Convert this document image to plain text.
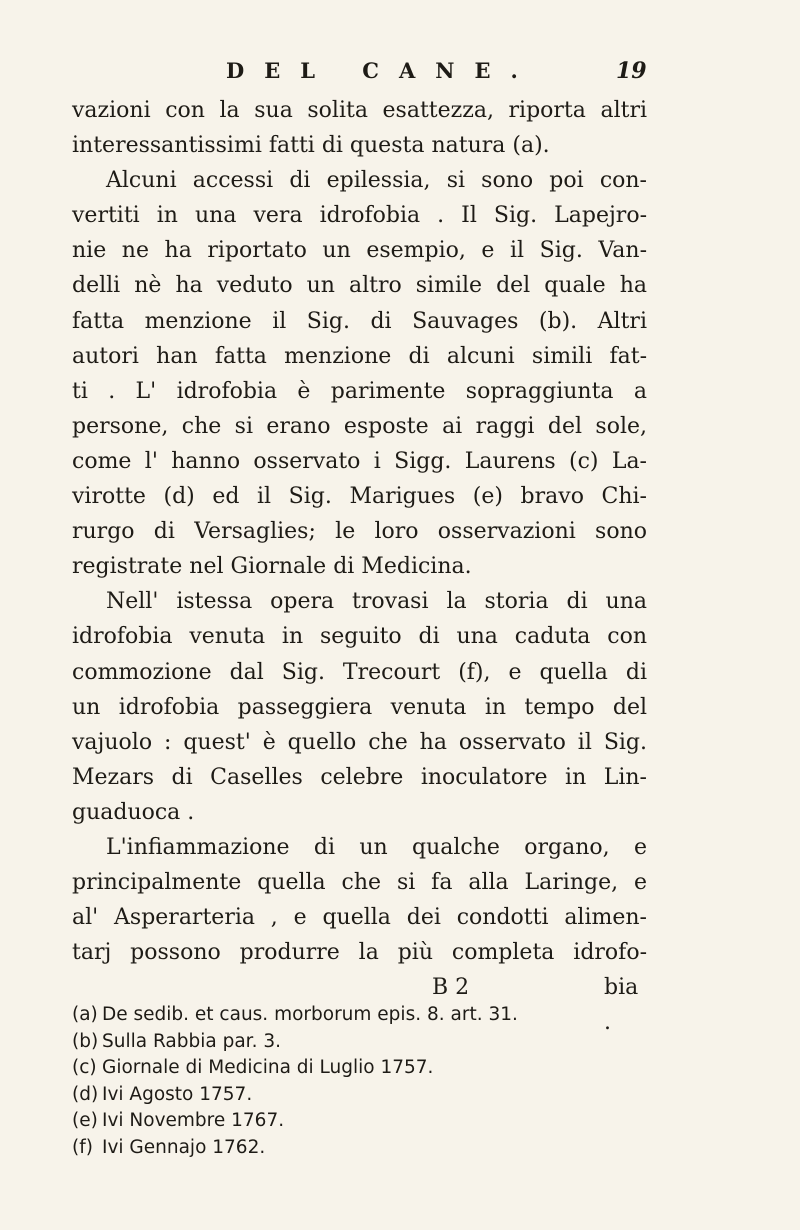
DEL CANE.	19
vazioni con la sua solita esattezza, riporta altri
interessantissimi fatti di questa natura (a).
Alcuni accessi di epilessia, si sono poi con-
vertiti in una vera idrofobia . Il Sig. Lapejro-
nie ne ha riportato un esempio, e il Sig. Van-
delli nè ha veduto un altro simile del quale ha
fatta menzione il Sig. di Sauvages (b). Altri
autori han fatta menzione di alcuni simili fat-
ti . L' idrofobia è parimente sopraggiunta a
persone, che si erano esposte ai raggi del sole,
come l' hanno osservato i Sigg. Laurens (c) La-
virotte (d) ed il Sig. Marigues (e) bravo Chi-
rurgo di Versaglies; le loro osservazioni sono
registrate nel Giornale di Medicina.
Nell' istessa opera trovasi la storia di una
idrofobia venuta in seguito di una caduta con
commozione dal Sig. Trecourt (f), e quella di
un idrofobia passeggiera venuta in tempo del
vajuolo : quest' è quello che ha osservato il Sig.
Mezars di Caselles celebre inoculatore in Lin-
guaduoca .
L'infiammazione di un qualche organo, e
principalmente quella che si fa alla Laringe, e
al' Asperarteria , e quella dei condotti alimen-
tarj possono produrre la più completa idrofo-
B 2	bia .
(a) De sedib. et caus. morborum epis. 8. art. 31.
(b) Sulla Rabbia par. 3.
(c) Giornale di Medicina di Luglio 1757.
(d) Ivi Agosto 1757.
(e) Ivi Novembre 1767.
(f) Ivi Gennajo 1762.
